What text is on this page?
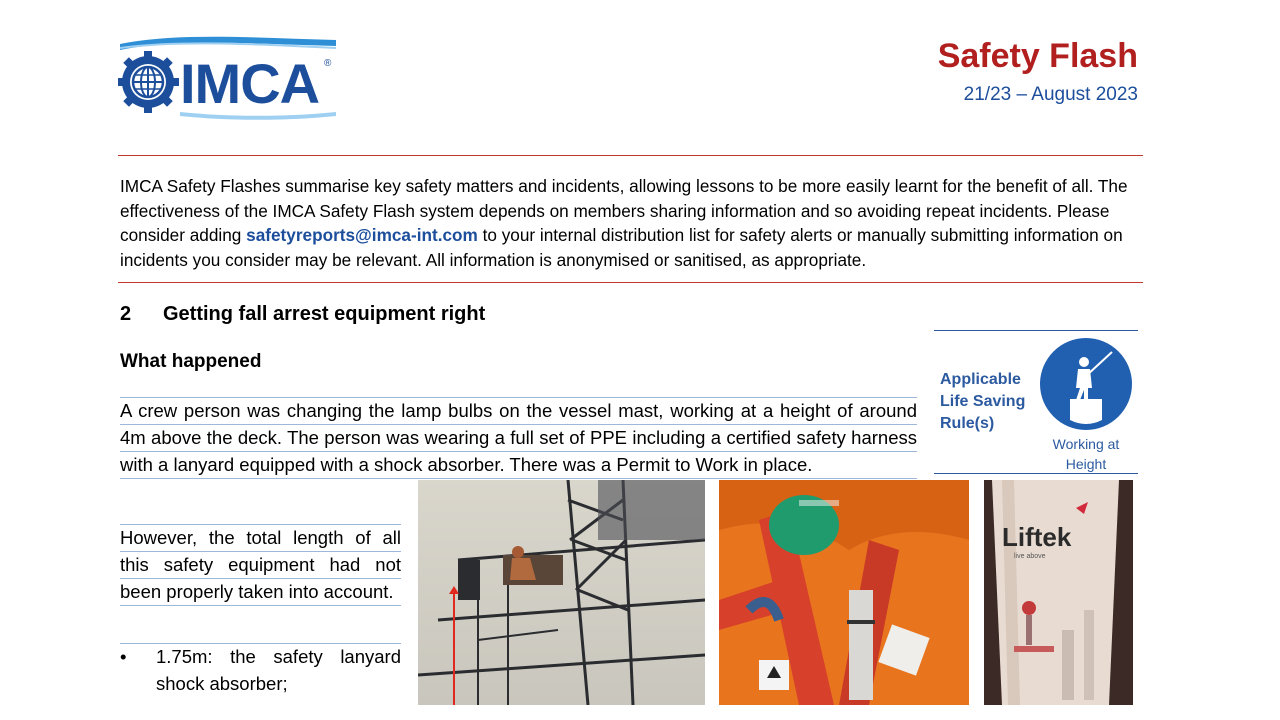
IMCA ®	Safety Flash
21/23 – August 2023
IMCA Safety Flashes summarise key safety matters and incidents, allowing lessons to be more easily learnt for the benefit of all. The effectiveness of the IMCA Safety Flash system depends on members sharing information and so avoiding repeat incidents. Please consider adding safetyreports@imca-int.com to your internal distribution list for safety alerts or manually submitting information on incidents you consider may be relevant. All information is anonymised or sanitised, as appropriate.
2 Getting fall arrest equipment right
What happened
A crew person was changing the lamp bulbs on the vessel mast, working at a height of around 4m above the deck. The person was wearing a full set of PPE including a certified safety harness with a lanyard equipped with a shock absorber. There was a Permit to Work in place.
However, the total length of all this safety equipment had not been properly taken into account.
• 1.75m: the safety lanyard shock absorber;
Applicable
Life Saving
Rule(s)
Working at Height
Liftek
live above
